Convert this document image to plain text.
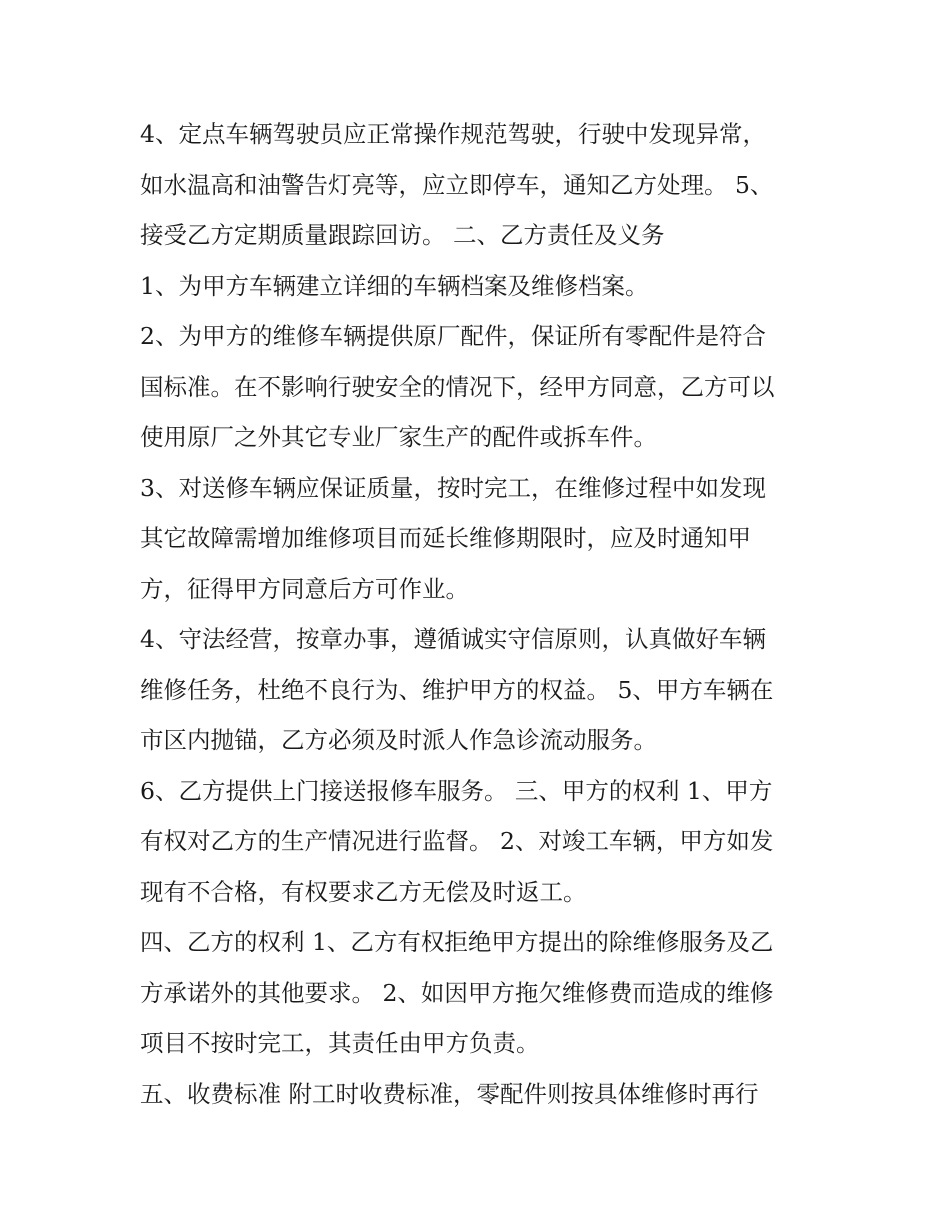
4、定点车辆驾驶员应正常操作规范驾驶，行驶中发现异常，
如水温高和油警告灯亮等，应立即停车，通知乙方处理。 5、
接受乙方定期质量跟踪回访。 二、乙方责任及义务
1、为甲方车辆建立详细的车辆档案及维修档案。
2、为甲方的维修车辆提供原厂配件，保证所有零配件是符合
国标准。在不影响行驶安全的情况下，经甲方同意，乙方可以
使用原厂之外其它专业厂家生产的配件或拆车件。
3、对送修车辆应保证质量，按时完工，在维修过程中如发现
其它故障需增加维修项目而延长维修期限时，应及时通知甲
方，征得甲方同意后方可作业。
4、守法经营，按章办事，遵循诚实守信原则，认真做好车辆
维修任务，杜绝不良行为、维护甲方的权益。 5、甲方车辆在
市区内抛锚，乙方必须及时派人作急诊流动服务。
6、乙方提供上门接送报修车服务。 三、甲方的权利 1、甲方
有权对乙方的生产情况进行监督。 2、对竣工车辆，甲方如发
现有不合格，有权要求乙方无偿及时返工。
四、乙方的权利 1、乙方有权拒绝甲方提出的除维修服务及乙
方承诺外的其他要求。 2、如因甲方拖欠维修费而造成的维修
项目不按时完工，其责任由甲方负责。
五、收费标准 附工时收费标准，零配件则按具体维修时再行
